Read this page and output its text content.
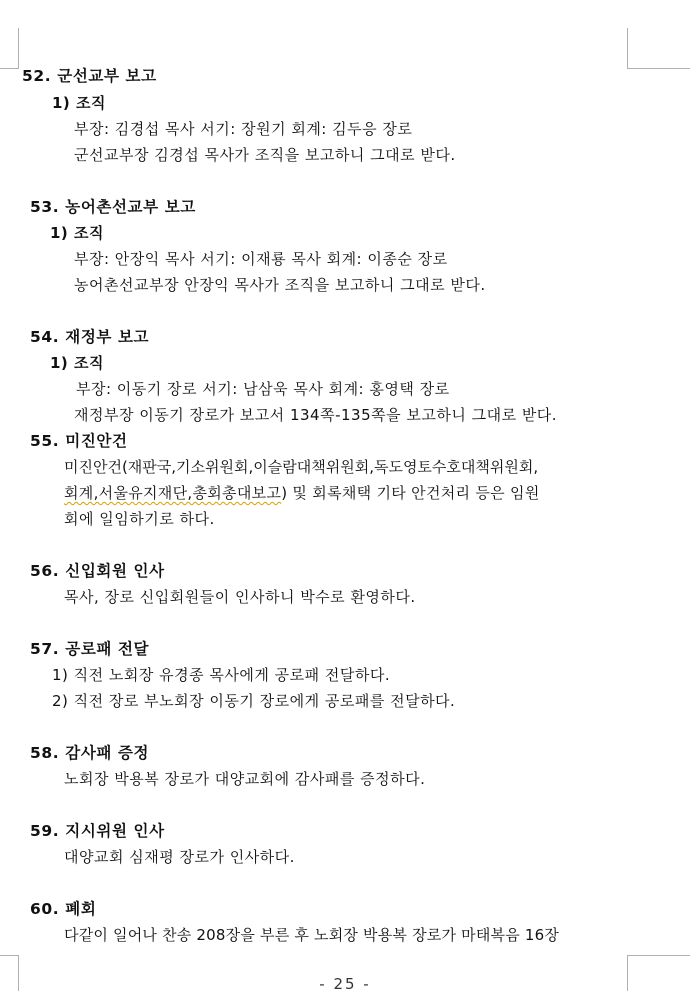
52. 군선교부 보고
1) 조직
부장: 김경섭 목사 서기: 장원기 회계: 김두응 장로
군선교부장 김경섭 목사가 조직을 보고하니 그대로 받다.
53. 농어촌선교부 보고
1) 조직
부장: 안장익 목사 서기: 이재룡 목사 회계: 이종순 장로
농어촌선교부장 안장익 목사가 조직을 보고하니 그대로 받다.
54. 재정부 보고
1) 조직
부장: 이동기 장로 서기: 남삼욱 목사 회계: 홍영택 장로
재정부장 이동기 장로가 보고서 134쪽-135쪽을 보고하니 그대로 받다.
55. 미진안건
미진안건(재판국,기소위원회,이슬람대책위원회,독도영토수호대책위원회,
회계,서울유지재단,총회총대보고) 및 회록채택 기타 안건처리 등은 임원
회에 일임하기로 하다.
56. 신입회원 인사
목사, 장로 신입회원들이 인사하니 박수로 환영하다.
57. 공로패 전달
1) 직전 노회장 유경종 목사에게 공로패 전달하다.
2) 직전 장로 부노회장 이동기 장로에게 공로패를 전달하다.
58. 감사패 증정
노회장 박용복 장로가 대양교회에 감사패를 증정하다.
59. 지시위원 인사
대양교회 심재평 장로가 인사하다.
60. 폐회
다같이 일어나 찬송 208장을 부른 후 노회장 박용복 장로가 마태복음 16장
- 25 -
